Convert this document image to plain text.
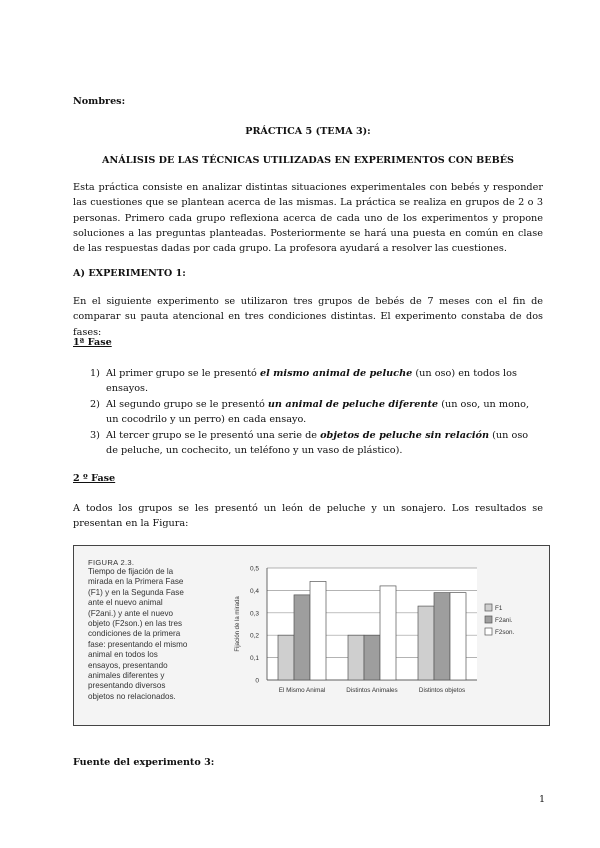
Nombres:
PRÁCTICA 5 (TEMA 3):
ANÁLISIS DE LAS TÉCNICAS UTILIZADAS EN EXPERIMENTOS CON BEBÉS
Esta práctica consiste en analizar distintas situaciones experimentales con bebés y responder las cuestiones que se plantean acerca de las mismas. La práctica se realiza en grupos de 2 o 3 personas. Primero cada grupo reflexiona acerca de cada uno de los experimentos y propone soluciones a las preguntas planteadas. Posteriormente se hará una puesta en común en clase de las respuestas dadas por cada grupo. La profesora ayudará a resolver las cuestiones.
A) EXPERIMENTO 1:
En el siguiente experimento se utilizaron tres grupos de bebés de 7 meses con el fin de comparar su pauta atencional en tres condiciones distintas. El experimento constaba de dos fases:
1ª Fase
1) Al primer grupo se le presentó el mismo animal de peluche (un oso) en todos los ensayos.
2) Al segundo grupo se le presentó un animal de peluche diferente (un oso, un mono, un cocodrilo y un perro) en cada ensayo.
3) Al tercer grupo se le presentó una serie de objetos de peluche sin relación (un oso de peluche, un cochecito, un teléfono y un vaso de plástico).
2 º Fase
A todos los grupos se les presentó un león de peluche y un sonajero. Los resultados se presentan en la Figura:
FIGURA 2.3.
Tiempo de fijación de la
mirada en la Primera Fase
(F1) y en la Segunda Fase
ante el nuevo animal
(F2ani.) y ante el nuevo
objeto (F2son.) en las tres
condiciones de la primera
fase: presentando el mismo
animal en todos los
ensayos, presentando
animales diferentes y
presentando diversos
objetos no relacionados.
0
0,1
0,2
0,3
0,4
0,5
Fijación de la mirada
El Mismo Animal	Distintos Animales	Distintos objetos
F1
F2ani.
F2son.
Fuente del experimento 3:
1
